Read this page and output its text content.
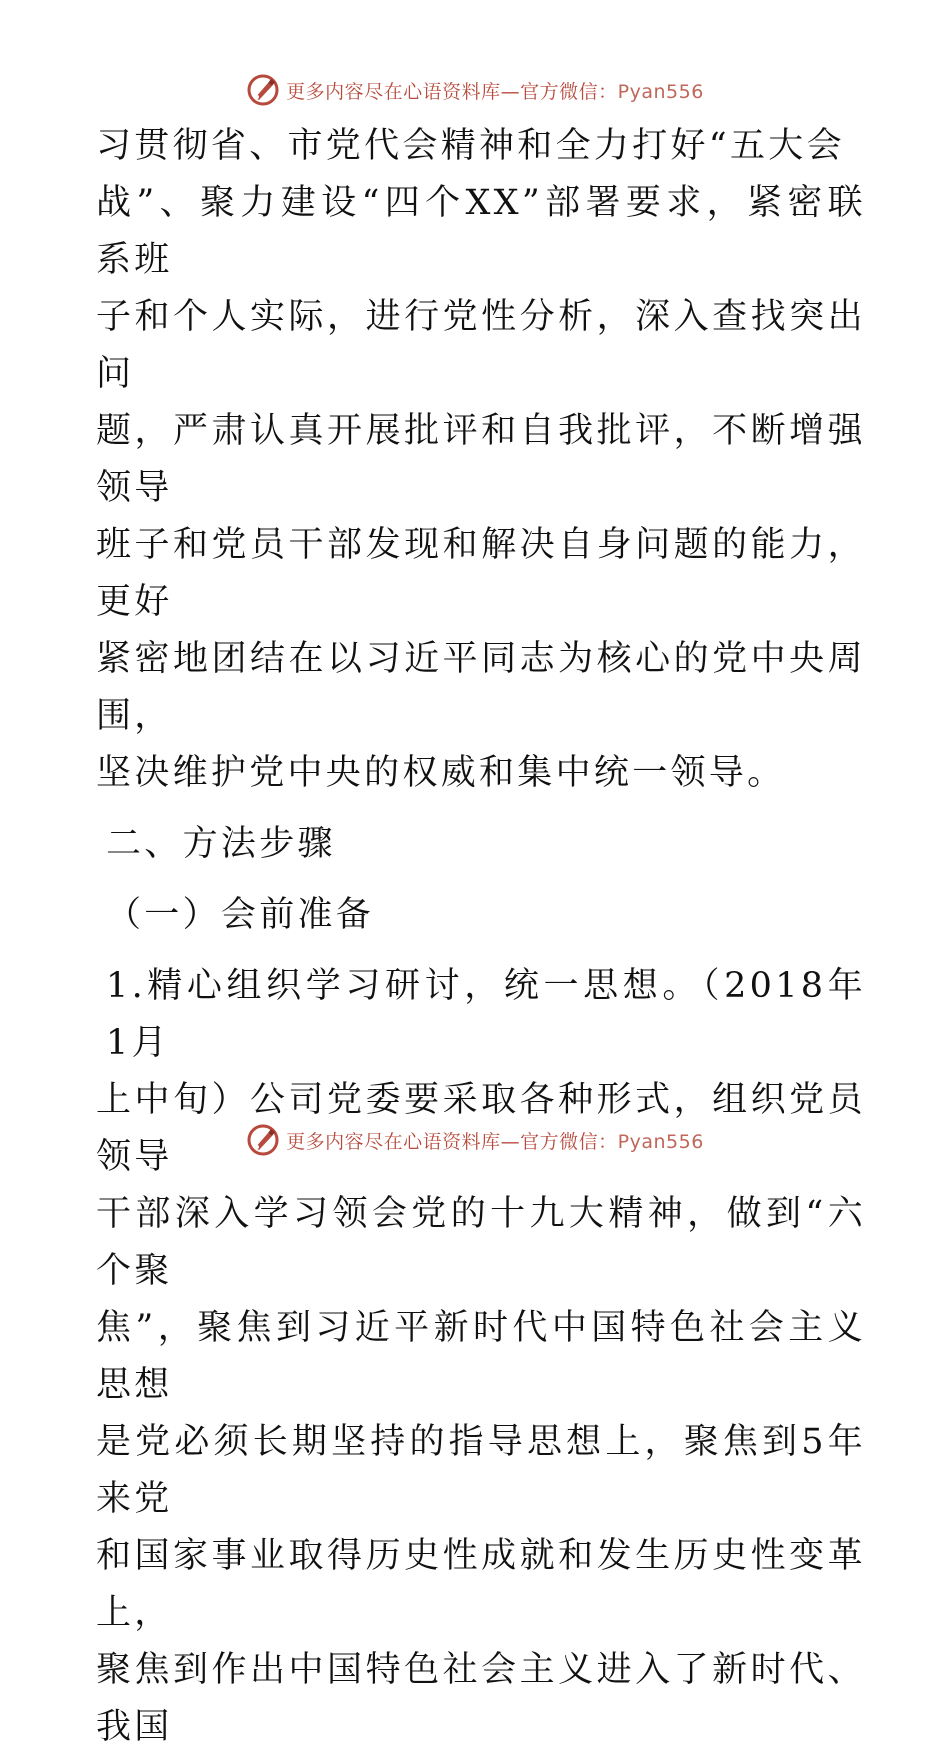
更多内容尽在心语资料库—官方微信：Pyan556
习贯彻省、市党代会精神和全力打好“五大会
战”、聚力建设“四个XX”部署要求，紧密联系班
子和个人实际，进行党性分析，深入查找突出问
题，严肃认真开展批评和自我批评，不断增强领导
班子和党员干部发现和解决自身问题的能力，更好
紧密地团结在以习近平同志为核心的党中央周围，
坚决维护党中央的权威和集中统一领导。
二、方法步骤
（一）会前准备
1.精心组织学习研讨，统一思想。（2018年1月
上中旬）公司党委要采取各种形式，组织党员领导
干部深入学习领会党的十九大精神，做到“六个聚
焦”，聚焦到习近平新时代中国特色社会主义思想
是党必须长期坚持的指导思想上，聚焦到5年来党
和国家事业取得历史性成就和发生历史性变革上，
聚焦到作出中国特色社会主义进入了新时代、我国
更多内容尽在心语资料库—官方微信：Pyan556
